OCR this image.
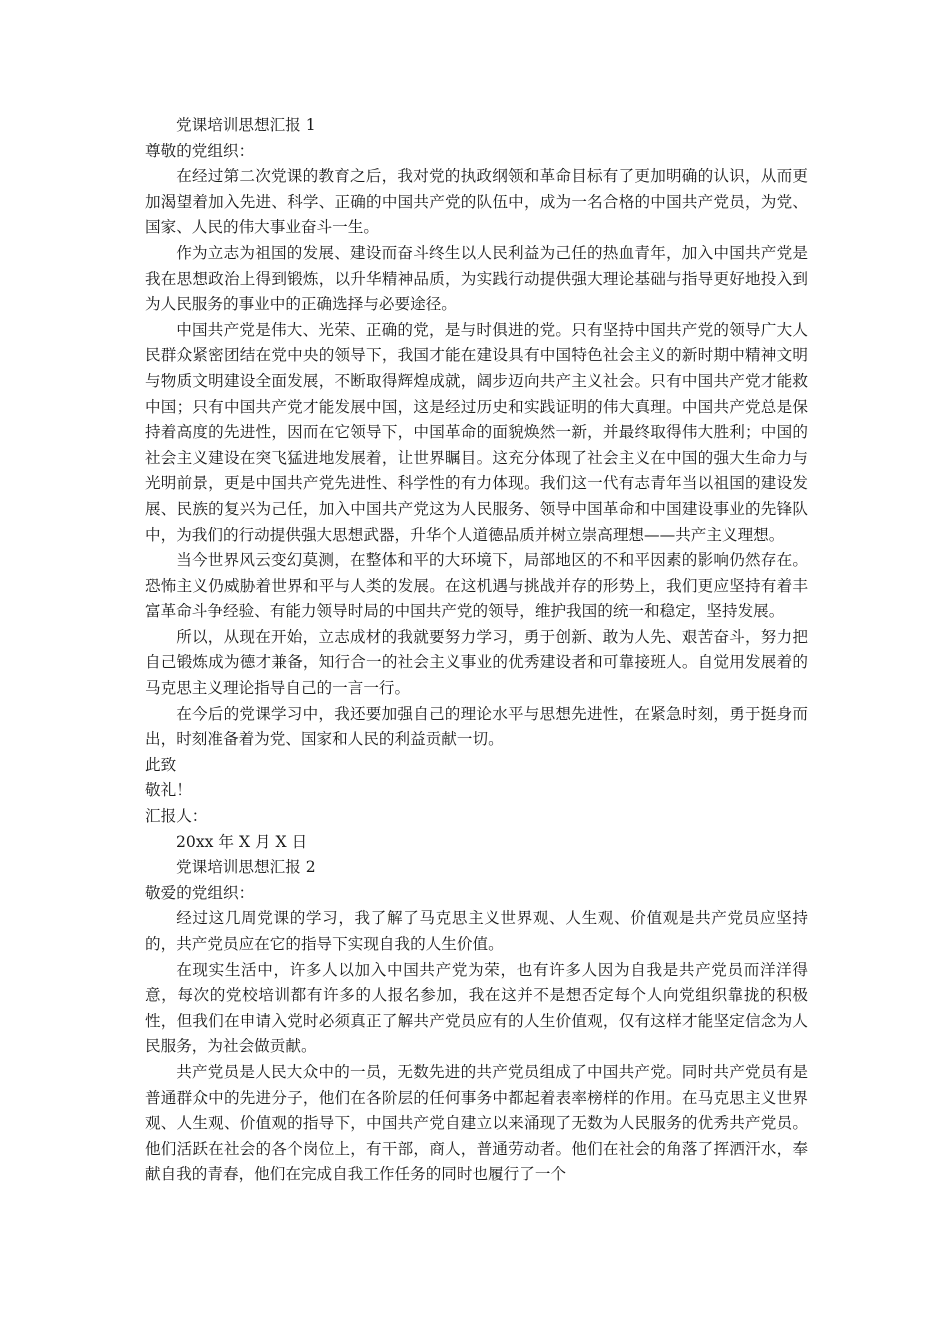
党课培训思想汇报 1

尊敬的党组织：

在经过第二次党课的教育之后，我对党的执政纲领和革命目标有了更加明确的认识，从而更加渴望着加入先进、科学、正确的中国共产党的队伍中，成为一名合格的中国共产党员，为党、国家、人民的伟大事业奋斗一生。

作为立志为祖国的发展、建设而奋斗终生以人民利益为己任的热血青年，加入中国共产党是我在思想政治上得到锻炼，以升华精神品质，为实践行动提供强大理论基础与指导更好地投入到为人民服务的事业中的正确选择与必要途径。

中国共产党是伟大、光荣、正确的党，是与时俱进的党。只有坚持中国共产党的领导广大人民群众紧密团结在党中央的领导下，我国才能在建设具有中国特色社会主义的新时期中精神文明与物质文明建设全面发展，不断取得辉煌成就，阔步迈向共产主义社会。只有中国共产党才能救中国；只有中国共产党才能发展中国，这是经过历史和实践证明的伟大真理。中国共产党总是保持着高度的先进性，因而在它领导下，中国革命的面貌焕然一新，并最终取得伟大胜利；中国的社会主义建设在突飞猛进地发展着，让世界瞩目。这充分体现了社会主义在中国的强大生命力与光明前景，更是中国共产党先进性、科学性的有力体现。我们这一代有志青年当以祖国的建设发展、民族的复兴为己任，加入中国共产党这为人民服务、领导中国革命和中国建设事业的先锋队中，为我们的行动提供强大思想武器，升华个人道德品质并树立崇高理想——共产主义理想。

当今世界风云变幻莫测，在整体和平的大环境下，局部地区的不和平因素的影响仍然存在。恐怖主义仍威胁着世界和平与人类的发展。在这机遇与挑战并存的形势上，我们更应坚持有着丰富革命斗争经验、有能力领导时局的中国共产党的领导，维护我国的统一和稳定，坚持发展。

所以，从现在开始，立志成材的我就要努力学习，勇于创新、敢为人先、艰苦奋斗，努力把自己锻炼成为德才兼备，知行合一的社会主义事业的优秀建设者和可靠接班人。自觉用发展着的马克思主义理论指导自己的一言一行。

在今后的党课学习中，我还要加强自己的理论水平与思想先进性，在紧急时刻，勇于挺身而出，时刻准备着为党、国家和人民的利益贡献一切。

此致

敬礼！

汇报人：

20xx 年 X 月 X 日

党课培训思想汇报 2

敬爱的党组织：

经过这几周党课的学习，我了解了马克思主义世界观、人生观、价值观是共产党员应坚持的，共产党员应在它的指导下实现自我的人生价值。

在现实生活中，许多人以加入中国共产党为荣，也有许多人因为自我是共产党员而洋洋得意，每次的党校培训都有许多的人报名参加，我在这并不是想否定每个人向党组织靠拢的积极性，但我们在申请入党时必须真正了解共产党员应有的人生价值观，仅有这样才能坚定信念为人民服务，为社会做贡献。

共产党员是人民大众中的一员，无数先进的共产党员组成了中国共产党。同时共产党员有是普通群众中的先进分子，他们在各阶层的任何事务中都起着表率榜样的作用。在马克思主义世界观、人生观、价值观的指导下，中国共产党自建立以来涌现了无数为人民服务的优秀共产党员。他们活跃在社会的各个岗位上，有干部，商人，普通劳动者。他们在社会的角落了挥洒汗水，奉献自我的青春，他们在完成自我工作任务的同时也履行了一个
